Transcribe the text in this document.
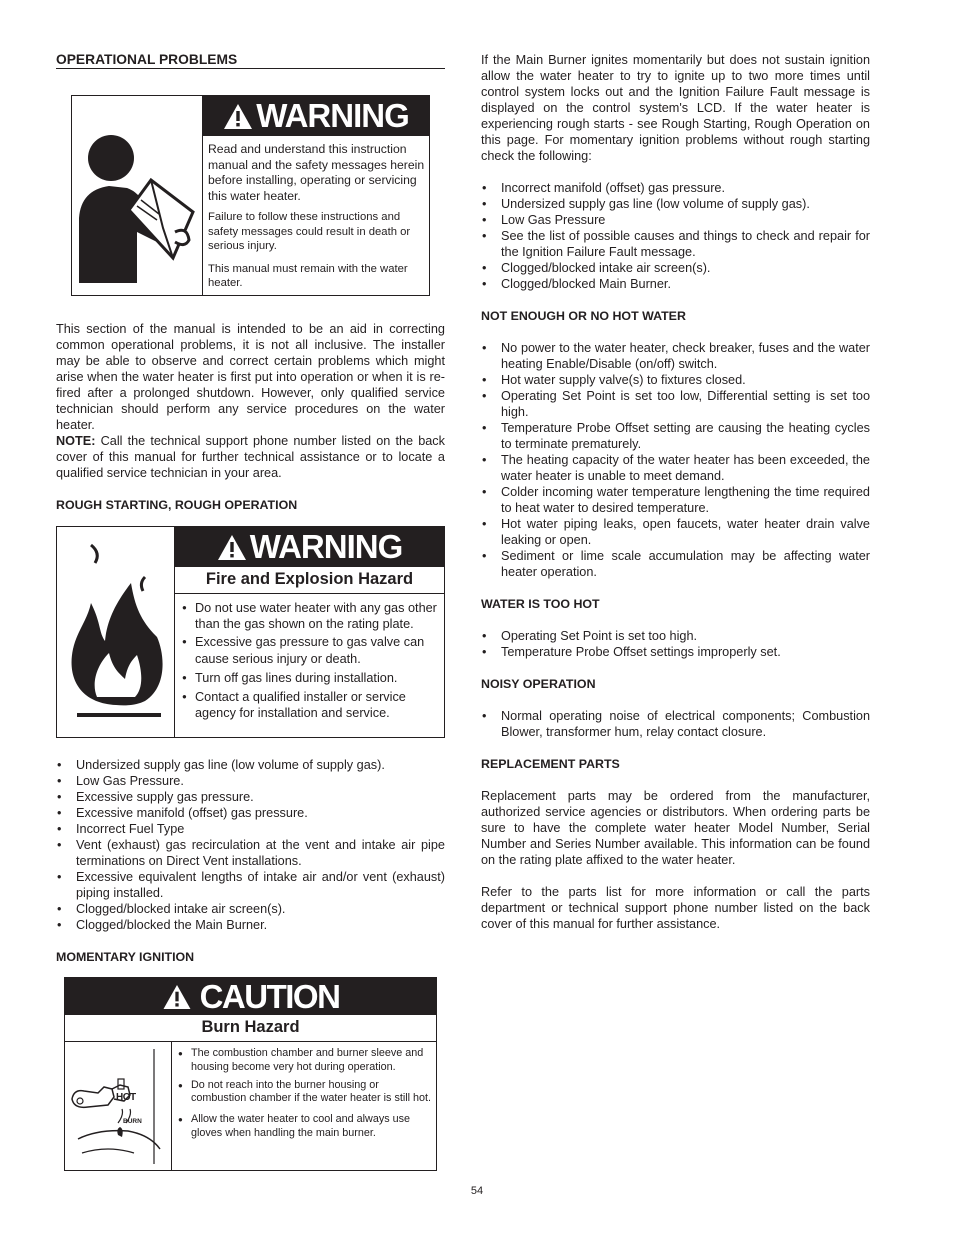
OPERATIONAL PROBLEMS
WARNING
Read and understand this instruction manual and the safety messages herein before installing, operating or servicing this water heater.
Failure to follow these instructions and safety messages could result in death or serious injury.
This manual must remain with the water heater.

This section of the manual is intended to be an aid in correcting common operational problems, it is not all inclusive. The installer may be able to observe and correct certain problems which might arise when the water heater is first put into operation or when it is re-fired after a prolonged shutdown. However, only qualified service technician should perform any service procedures on the water heater.

NOTE: Call the technical support phone number listed on the back cover of this manual for further technical assistance or to locate a qualified service technician in your area.

ROUGH STARTING, ROUGH OPERATION
WARNING
Fire and Explosion Hazard
● Do not use water heater with any gas other than the gas shown on the rating plate.
● Excessive gas pressure to gas valve can cause serious injury or death.
● Turn off gas lines during installation.
● Contact a qualified installer or service agency for installation and service.
• Undersized supply gas line (low volume of supply gas).
• Low Gas Pressure.
• Excessive supply gas pressure.
• Excessive manifold (offset) gas pressure.
• Incorrect Fuel Type
• Vent (exhaust) gas recirculation at the vent and intake air pipe terminations on Direct Vent installations.
• Excessive equivalent lengths of intake air and/or vent (exhaust) piping installed.
• Clogged/blocked intake air screen(s).
• Clogged/blocked the Main Burner.
MOMENTARY IGNITION
CAUTION
Burn Hazard
HOT
BURN
● The combustion chamber and burner sleeve and housing become very hot during operation.
● Do not reach into the burner housing or combustion chamber if the water heater is still hot.
● Allow the water heater to cool and always use gloves when handling the main burner.

If the Main Burner ignites momentarily but does not sustain ignition allow the water heater to try to ignite up to two more times until control system locks out and the Ignition Failure Fault message is displayed on the control system's LCD. If the water heater is experiencing rough starts - see Rough Starting, Rough Operation on this page. For momentary ignition problems without rough starting check the following:

• Incorrect manifold (offset) gas pressure.
• Undersized supply gas line (low volume of supply gas).
• Low Gas Pressure
• See the list of possible causes and things to check and repair for the Ignition Failure Fault message.
• Clogged/blocked intake air screen(s).
• Clogged/blocked Main Burner.
NOT ENOUGH OR NO HOT WATER
• No power to the water heater, check breaker, fuses and the water heating Enable/Disable (on/off) switch.
• Hot water supply valve(s) to fixtures closed.
• Operating Set Point is set too low, Differential setting is set too high.
• Temperature Probe Offset setting are causing the heating cycles to terminate prematurely.
• The heating capacity of the water heater has been exceeded, the water heater is unable to meet demand.
• Colder incoming water temperature lengthening the time required to heat water to desired temperature.
• Hot water piping leaks, open faucets, water heater drain valve leaking or open.
• Sediment or lime scale accumulation may be affecting water heater operation.
WATER IS TOO HOT
• Operating Set Point is set too high.
• Temperature Probe Offset settings improperly set.
NOISY OPERATION
• Normal operating noise of electrical components; Combustion Blower, transformer hum, relay contact closure.
REPLACEMENT PARTS

Replacement parts may be ordered from the manufacturer, authorized service agencies or distributors. When ordering parts be sure to have the complete water heater Model Number, Serial Number and Series Number available. This information can be found on the rating plate affixed to the water heater.

Refer to the parts list for more information or call the parts department or technical support phone number listed on the back cover of this manual for further assistance.

54
